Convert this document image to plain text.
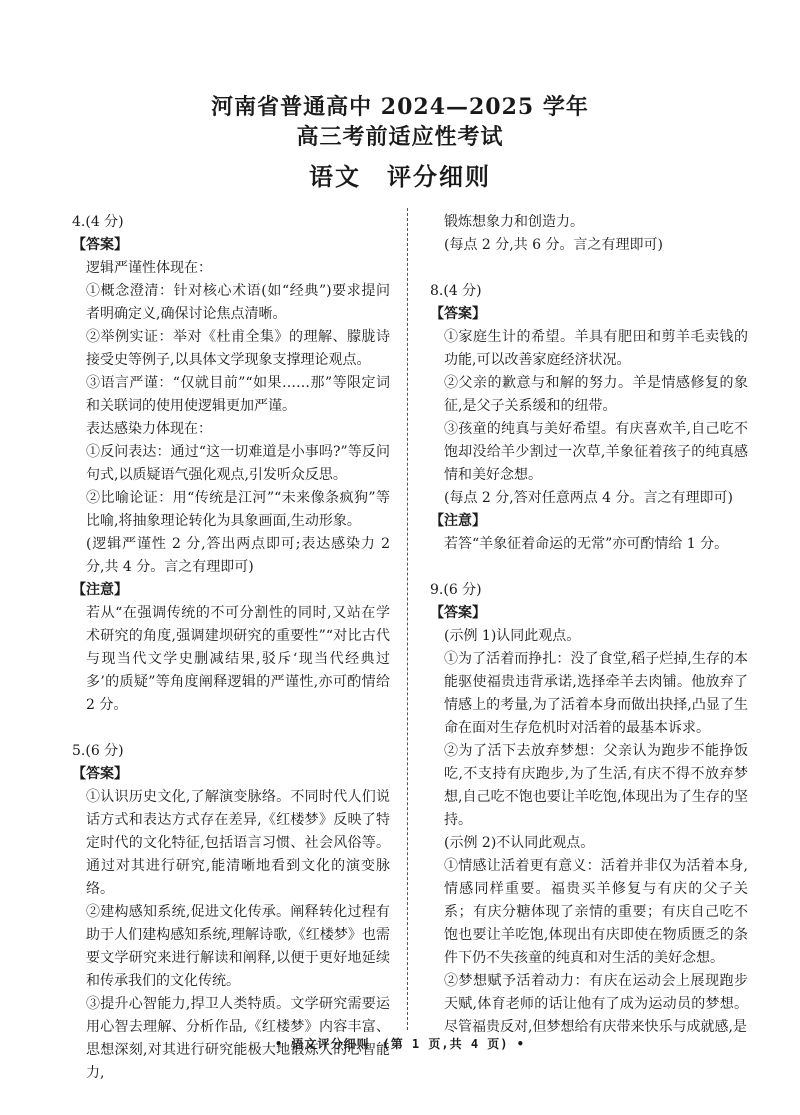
河南省普通高中 2024—2025 学年
高三考前适应性考试
语文　评分细则

4.(4 分)

【答案】

逻辑严谨性体现在：

①概念澄清：针对核心术语(如“经典”)要求提问者明确定义,确保讨论焦点清晰。

②举例实证：举对《杜甫全集》的理解、朦胧诗接受史等例子,以具体文学现象支撑理论观点。

③语言严谨：“仅就目前”“如果……那”等限定词和关联词的使用使逻辑更加严谨。

表达感染力体现在：

①反问表达：通过“这一切难道是小事吗?”等反问句式,以质疑语气强化观点,引发听众反思。

②比喻论证：用“传统是江河”“未来像条疯狗”等比喻,将抽象理论转化为具象画面,生动形象。

(逻辑严谨性 2 分,答出两点即可;表达感染力 2 分,共 4 分。言之有理即可)

【注意】

若从“在强调传统的不可分割性的同时,又站在学术研究的角度,强调建坝研究的重要性”“对比古代与现当代文学史删减结果,驳斥‘现当代经典过多’的质疑”等角度阐释逻辑的严谨性,亦可酌情给 2 分。

5.(6 分)

【答案】

①认识历史文化,了解演变脉络。不同时代人们说话方式和表达方式存在差异,《红楼梦》反映了特定时代的文化特征,包括语言习惯、社会风俗等。通过对其进行研究,能清晰地看到文化的演变脉络。

②建构感知系统,促进文化传承。阐释转化过程有助于人们建构感知系统,理解诗歌,《红楼梦》也需要文学研究来进行解读和阐释,以便于更好地延续和传承我们的文化传统。

③提升心智能力,捍卫人类特质。文学研究需要运用心智去理解、分析作品,《红楼梦》内容丰富、思想深刻,对其进行研究能极大地锻炼人的心智能力,

锻炼想象力和创造力。

(每点 2 分,共 6 分。言之有理即可)

8.(4 分)

【答案】

①家庭生计的希望。羊具有肥田和剪羊毛卖钱的功能,可以改善家庭经济状况。

②父亲的歉意与和解的努力。羊是情感修复的象征,是父子关系缓和的纽带。

③孩童的纯真与美好希望。有庆喜欢羊,自己吃不饱却没给羊少割过一次草,羊象征着孩子的纯真感情和美好念想。

(每点 2 分,答对任意两点 4 分。言之有理即可)

【注意】

若答“羊象征着命运的无常”亦可酌情给 1 分。

9.(6 分)

【答案】

(示例 1)认同此观点。

①为了活着而挣扎：没了食堂,稻子烂掉,生存的本能驱使福贵违背承诺,选择牵羊去肉铺。他放弃了情感上的考量,为了活着本身而做出抉择,凸显了生命在面对生存危机时对活着的最基本诉求。

②为了活下去放弃梦想：父亲认为跑步不能挣饭吃,不支持有庆跑步,为了生活,有庆不得不放弃梦想,自己吃不饱也要让羊吃饱,体现出为了生存的坚持。

(示例 2)不认同此观点。

①情感让活着更有意义：活着并非仅为活着本身,情感同样重要。福贵买羊修复与有庆的父子关系；有庆分糖体现了亲情的重要；有庆自己吃不饱也要让羊吃饱,体现出有庆即使在物质匮乏的条件下仍不失孩童的纯真和对生活的美好念想。

②梦想赋予活着动力：有庆在运动会上展现跑步天赋,体育老师的话让他有了成为运动员的梦想。尽管福贵反对,但梦想给有庆带来快乐与成就感,是

• 语文评分细则　(第 1 页,共 4 页) •
